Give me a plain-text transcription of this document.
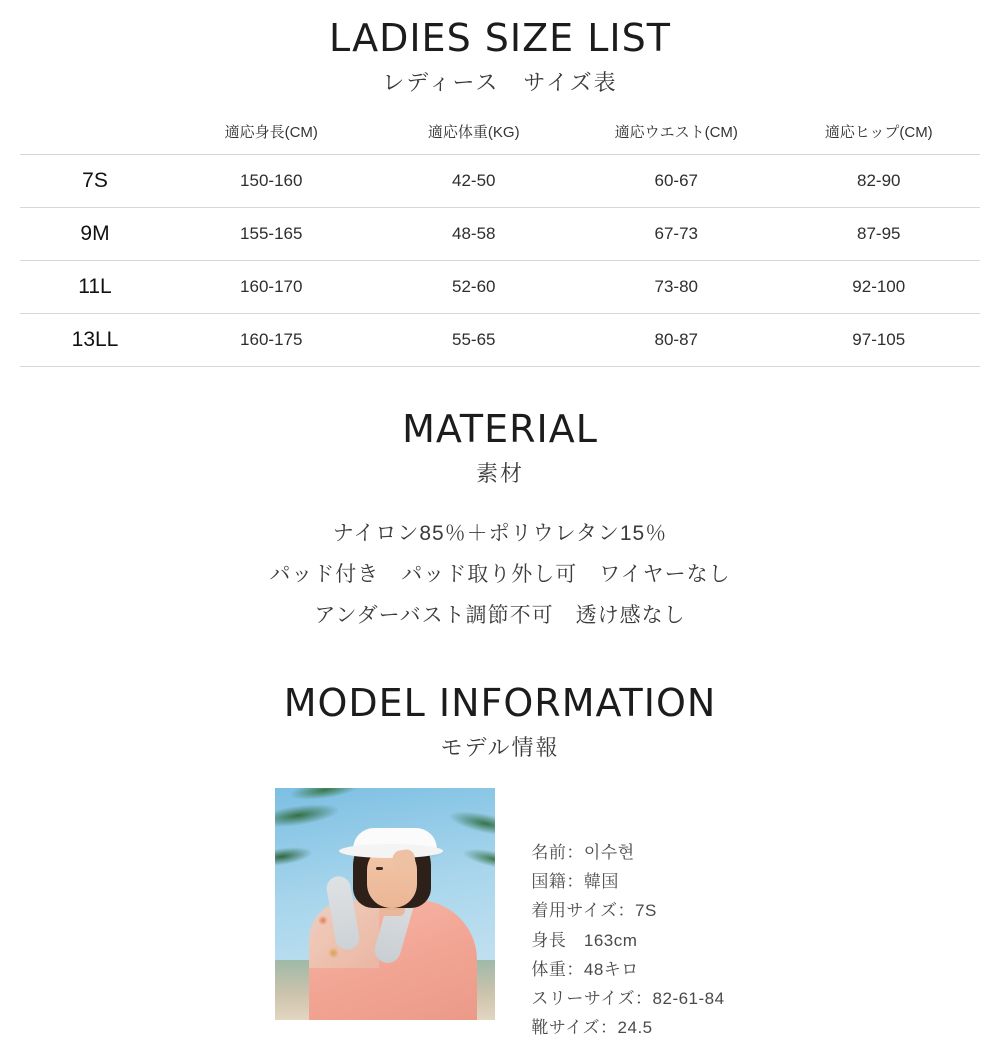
LADIES SIZE LIST
レディース　サイズ表
	適応身長(CM)	適応体重(KG)	適応ウエスト(CM)	適応ヒップ(CM)
7S	150-160	42-50	60-67	82-90
9M	155-165	48-58	67-73	87-95
11L	160-170	52-60	73-80	92-100
13LL	160-175	55-65	80-87	97-105
MATERIAL
素材
ナイロン85％＋ポリウレタン15％
パッド付き　パッド取り外し可　ワイヤーなし
アンダーバスト調節不可　透け感なし
MODEL INFORMATION
モデル情報
名前：이수현
国籍：韓国
着用サイズ：7S
身長　163cm
体重：48キロ
スリーサイズ：82-61-84
靴サイズ：24.5
